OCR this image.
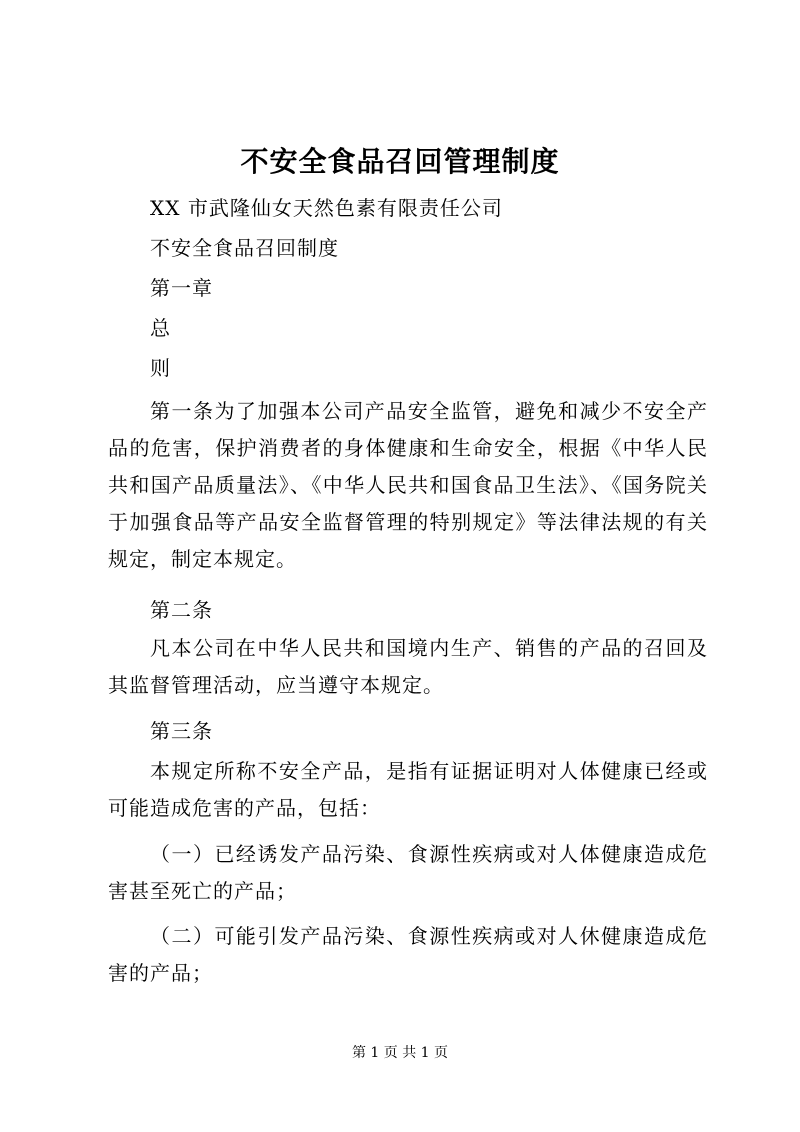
不安全食品召回管理制度
XX 市武隆仙女天然色素有限责任公司
不安全食品召回制度
第一章
总
则
第一条为了加强本公司产品安全监管，避免和减少不安全产品的危害，保护消费者的身体健康和生命安全，根据《中华人民共和国产品质量法》、《中华人民共和国食品卫生法》、《国务院关于加强食品等产品安全监督管理的特别规定》等法律法规的有关规定，制定本规定。
第二条
凡本公司在中华人民共和国境内生产、销售的产品的召回及其监督管理活动，应当遵守本规定。
第三条
本规定所称不安全产品，是指有证据证明对人体健康已经或可能造成危害的产品，包括：
（一）已经诱发产品污染、食源性疾病或对人体健康造成危害甚至死亡的产品；
（二）可能引发产品污染、食源性疾病或对人休健康造成危害的产品；
第 1 页 共 1 页
